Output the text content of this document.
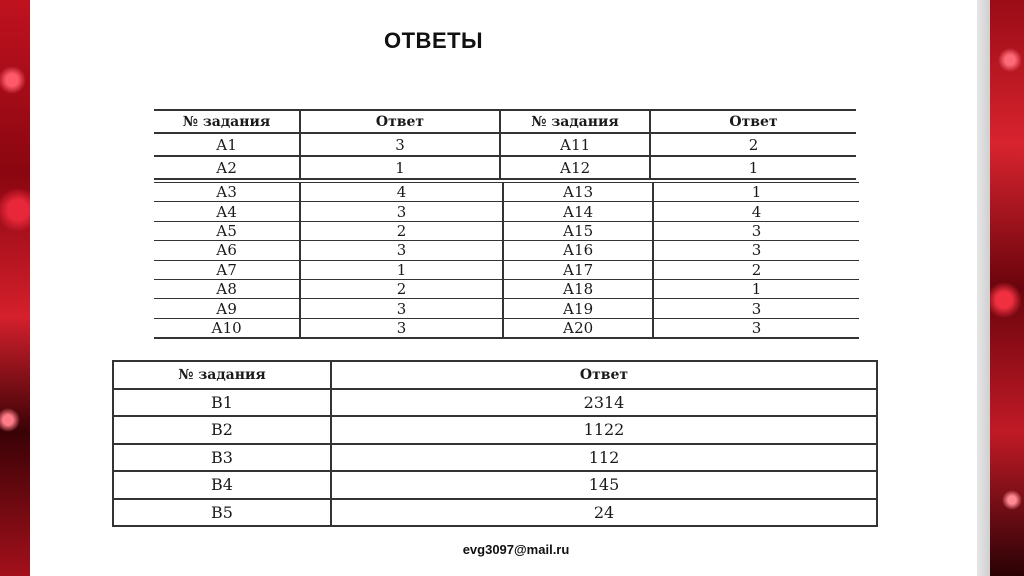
ОТВЕТЫ
№ задания	Ответ	№ задания	Ответ
А1	3	А11	2
А2	1	А12	1
А3	4	А13	1
А4	3	А14	4
А5	2	А15	3
А6	3	А16	3
А7	1	А17	2
А8	2	А18	1
А9	3	А19	3
А10	3	А20	3
№ задания	Ответ
В1	2314
В2	1122
В3	112
В4	145
В5	24
evg3097@mail.ru
